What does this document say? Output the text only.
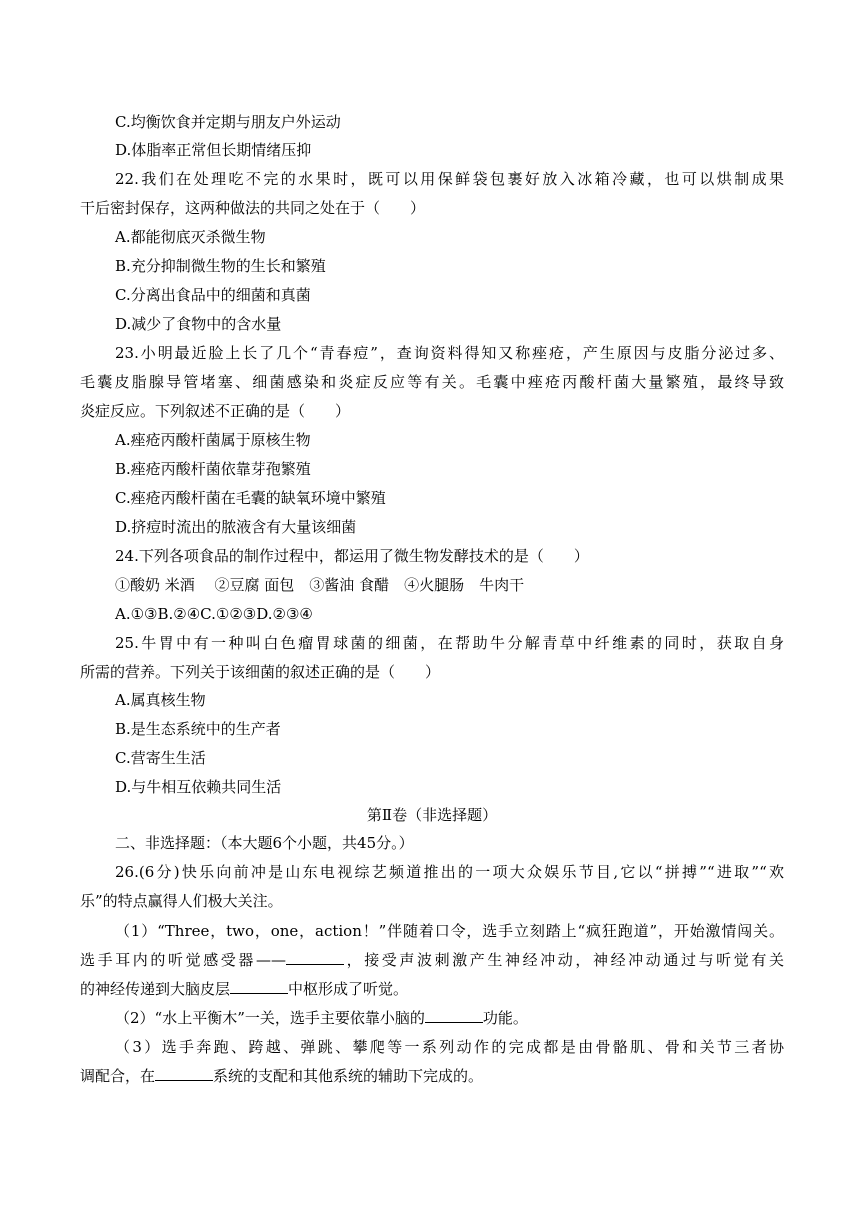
C.均衡饮食并定期与朋友户外运动
D.体脂率正常但长期情绪压抑
22.我们在处理吃不完的水果时，既可以用保鲜袋包裹好放入冰箱冷藏，也可以烘制成果
干后密封保存，这两种做法的共同之处在于（　　）
A.都能彻底灭杀微生物
B.充分抑制微生物的生长和繁殖
C.分离出食品中的细菌和真菌
D.减少了食物中的含水量
23.小明最近脸上长了几个“青春痘”，查询资料得知又称痤疮，产生原因与皮脂分泌过多、
毛囊皮脂腺导管堵塞、细菌感染和炎症反应等有关。毛囊中痤疮丙酸杆菌大量繁殖，最终导致
炎症反应。下列叙述不正确的是（　　）
A.痤疮丙酸杆菌属于原核生物
B.痤疮丙酸杆菌依靠芽孢繁殖
C.痤疮丙酸杆菌在毛囊的缺氧环境中繁殖
D.挤痘时流出的脓液含有大量该细菌
24.下列各项食品的制作过程中，都运用了微生物发酵技术的是（　　）
①酸奶 米酒　 ②豆腐 面包　③酱油 食醋　④火腿肠　牛肉干
A.①③B.②④C.①②③D.②③④
25.牛胃中有一种叫白色瘤胃球菌的细菌，在帮助牛分解青草中纤维素的同时，获取自身
所需的营养。下列关于该细菌的叙述正确的是（　　）
A.属真核生物
B.是生态系统中的生产者
C.营寄生生活
D.与牛相互依赖共同生活
第Ⅱ卷（非选择题）
二、非选择题：（本大题6个小题，共45分。）
26.(6分)快乐向前冲是山东电视综艺频道推出的一项大众娱乐节目,它以“拼搏”“进取”“欢
乐”的特点赢得人们极大关注。
（1）“Three，two，one，action！”伴随着口令，选手立刻踏上“疯狂跑道”，开始激情闯关。
选手耳内的听觉感受器——	，接受声波刺激产生神经冲动，神经冲动通过与听觉有关
的神经传递到大脑皮层	中枢形成了听觉。
（2）“水上平衡木”一关，选手主要依靠小脑的	功能。
（3）选手奔跑、跨越、弹跳、攀爬等一系列动作的完成都是由骨骼肌、骨和关节三者协
调配合，在	系统的支配和其他系统的辅助下完成的。
